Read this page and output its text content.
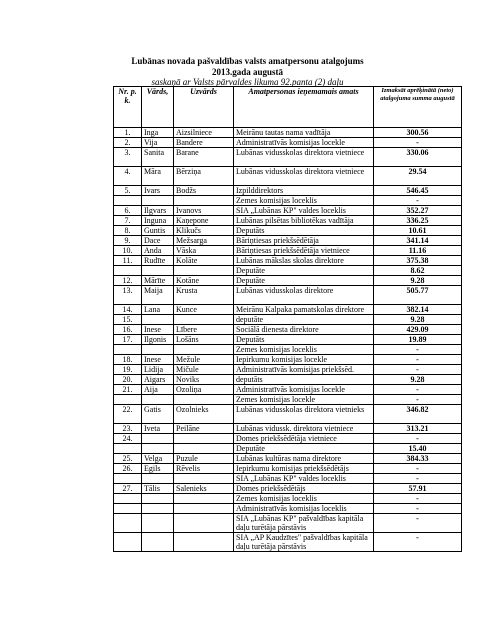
Lubānas novada pašvaldības valsts amatpersonu atalgojums
2013.gada augustā
saskaņā ar Valsts pārvaldes likuma 92.panta (2) daļu
Nr. p. k.	Vārds,	Uzvārds	Amatpersonas ieņemamais amats	Izmaksāt aprēķinātā (neto) atalgojuma summa augustā
1.	Inga	Aizsilniece	Meirānu tautas nama vadītāja	300.56
2.	Vija	Bandere	Administratīvās komisijas locekle	-
3.	Sanita	Barane	Lubānas vidusskolas direktora vietniece	330.06
4.	Māra	Bērziņa	Lubānas vidusskolas direktora vietniece	29.54
5.	Ivars	Bodžs	Izpilddirektors	546.45
			Zemes komisijas loceklis	-
6.	Ilgvars	Ivanovs	SIA „Lubānas KP" valdes loceklis	352.27
7.	Inguna	Kaņepone	Lubānas pilsētas bibliotēkas vadītāja	336.25
8.	Guntis	Klikučs	Deputāts	10.61
9.	Dace	Mežsarga	Bāriņtiesas priekšsēdētāja	341.14
10.	Anda	Vāska	Bāriņtiesas priekšsēdētāja vietniece	11.16
11.	Rudīte	Kolāte	Lubānas mākslas skolas direktore	375.38
			Deputāte	8.62
12.	Mārīte	Kotāne	Deputāte	9.28
13.	Maija	Krusta	Lubānas vidusskolas direktore	505.77
14.	Lana	Kunce	Meirānu Kalpaka pamatskolas direktore	382.14
15.			deputāte	9.28
16.	Inese	Lībere	Sociālā dienesta direktore	429.09
17.	Ilgonis	Lošāns	Deputāts	19.89
			Zemes komisijas loceklis	-
18.	Inese	Mežule	Iepirkumu komisijas locekle	-
19.	Lidija	Mičule	Administratīvās komisijas priekšsēd.	-
20.	Aigars	Noviks	deputāts	9.28
21.	Aija	Ozoliņa	Administratīvās komisijas locekle	-
			Zemes komisijas locekle	-
22.	Gatis	Ozolnieks	Lubānas vidusskolas direktora vietnieks	346.82
23.	Iveta	Peilāne	Lubānas vidussk. direktora vietniece	313.21
24.			Domes priekšsēdētāja vietniece	-
			Deputāte	15.40
25.	Velga	Puzule	Lubānas kultūras nama direktore	384.33
26.	Egils	Rēvelis	Iepirkumu komisijas priekšsēdētājs	-
			SIA „Lubānas KP" valdes loceklis	-
27.	Tālis	Salenieks	Domes priekšsēdētājs	57.91
			Zemes komisijas loceklis	-
			Administratīvās komisijas loceklis	-
			SIA „Lubānas KP" pašvaldības kapitāla daļu turētāja pārstāvis	-
			SIA „AP Kaudzītes" pašvaldības kapitāla daļu turētāja pārstāvis	-
